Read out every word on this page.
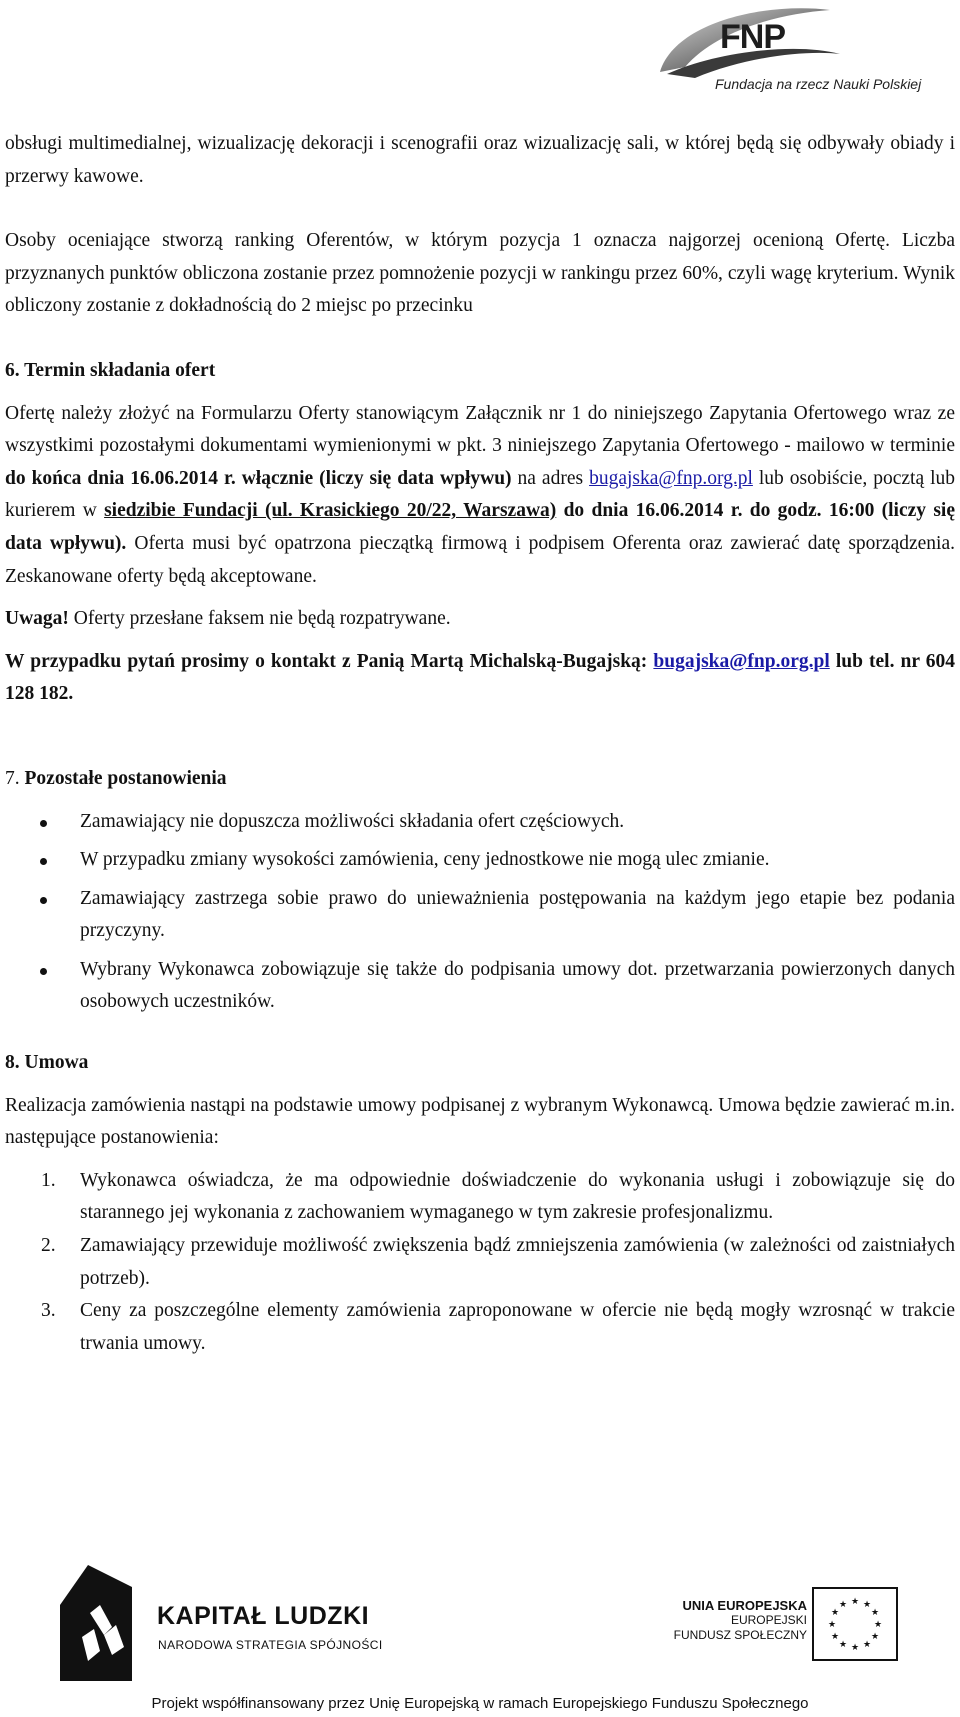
FNP
Fundacja na rzecz Nauki Polskiej

obsługi multimedialnej, wizualizację dekoracji i scenografii oraz wizualizację sali, w której będą się odbywały obiady i przerwy kawowe.

Osoby oceniające stworzą ranking Oferentów, w którym pozycja 1 oznacza najgorzej ocenioną Ofertę. Liczba przyznanych punktów obliczona zostanie przez pomnożenie pozycji w rankingu przez 60%, czyli wagę kryterium. Wynik obliczony zostanie z dokładnością do 2 miejsc po przecinku

6. Termin składania ofert

Ofertę należy złożyć na Formularzu Oferty stanowiącym Załącznik nr 1 do niniejszego Zapytania Ofertowego wraz ze wszystkimi pozostałymi dokumentami wymienionymi w pkt. 3 niniejszego Zapytania Ofertowego - mailowo w terminie do końca dnia 16.06.2014 r. włącznie (liczy się data wpływu) na adres bugajska@fnp.org.pl lub osobiście, pocztą lub kurierem w siedzibie Fundacji (ul. Krasickiego 20/22, Warszawa) do dnia 16.06.2014 r. do godz. 16:00 (liczy się data wpływu). Oferta musi być opatrzona pieczątką firmową i podpisem Oferenta oraz zawierać datę sporządzenia. Zeskanowane oferty będą akceptowane.

Uwaga! Oferty przesłane faksem nie będą rozpatrywane.

W przypadku pytań prosimy o kontakt z Panią Martą Michalską-Bugajską: bugajska@fnp.org.pl lub tel. nr 604 128 182.

7. Pozostałe postanowienia

Zamawiający nie dopuszcza możliwości składania ofert częściowych.
W przypadku zmiany wysokości zamówienia, ceny jednostkowe nie mogą ulec zmianie.
Zamawiający zastrzega sobie prawo do unieważnienia postępowania na każdym jego etapie bez podania przyczyny.
Wybrany Wykonawca zobowiązuje się także do podpisania umowy dot. przetwarzania powierzonych danych osobowych uczestników.

8. Umowa

Realizacja zamówienia nastąpi na podstawie umowy podpisanej z wybranym Wykonawcą. Umowa będzie zawierać m.in. następujące postanowienia:

1. Wykonawca oświadcza, że ma odpowiednie doświadczenie do wykonania usługi i zobowiązuje się do starannego jej wykonania z zachowaniem wymaganego w tym zakresie profesjonalizmu.
2. Zamawiający przewiduje możliwość zwiększenia bądź zmniejszenia zamówienia (w zależności od zaistniałych potrzeb).
3. Ceny za poszczególne elementy zamówienia zaproponowane w ofercie nie będą mogły wzrosnąć w trakcie trwania umowy.
KAPITAŁ LUDZKI
NARODOWA STRATEGIA SPÓJNOŚCI
UNIA EUROPEJSKA
EUROPEJSKI
FUNDUSZ SPOŁECZNY
★ ★
★
★
★
★
★
★
★
★
★
★
Projekt współfinansowany przez Unię Europejską w ramach Europejskiego Funduszu Społecznego
